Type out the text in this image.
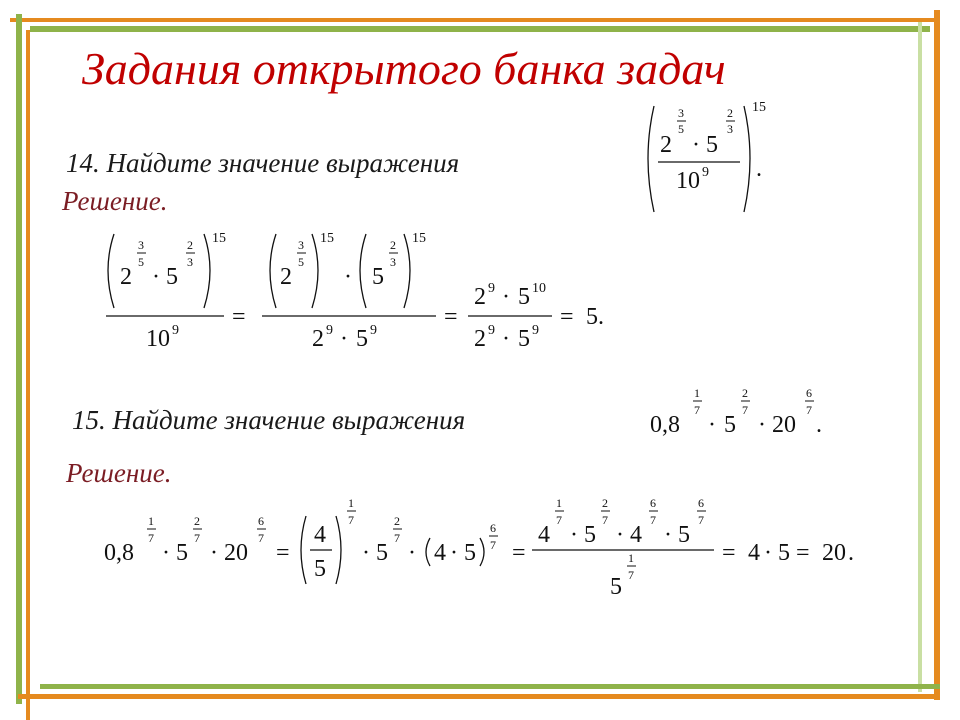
Задания открытого банка задач
14. Найдите значение выражения
Решение.
3
5
2
2
3
· 5
10 9
15
.
3
5
2
2
3
· 5
15
10 9
=
3
5
2
15
·
2
3
5
15
2 9 · 5 9
=
2 9 · 5 10
2 9 · 5 9
= 5 .
15. Найдите значение выражения
Решение.
0,8
1
7
· 5
2
7
· 20
6
7
.
0,8
1
7
· 5
2
7
· 20
6
7
=
4
5
1
7
· 5
2
7
· 4 · 5
6
7 =
4
1
7
· 5
2
7
· 4
6
7
· 5
6
7
1
7
5
= 4 · 5 = 20 .
